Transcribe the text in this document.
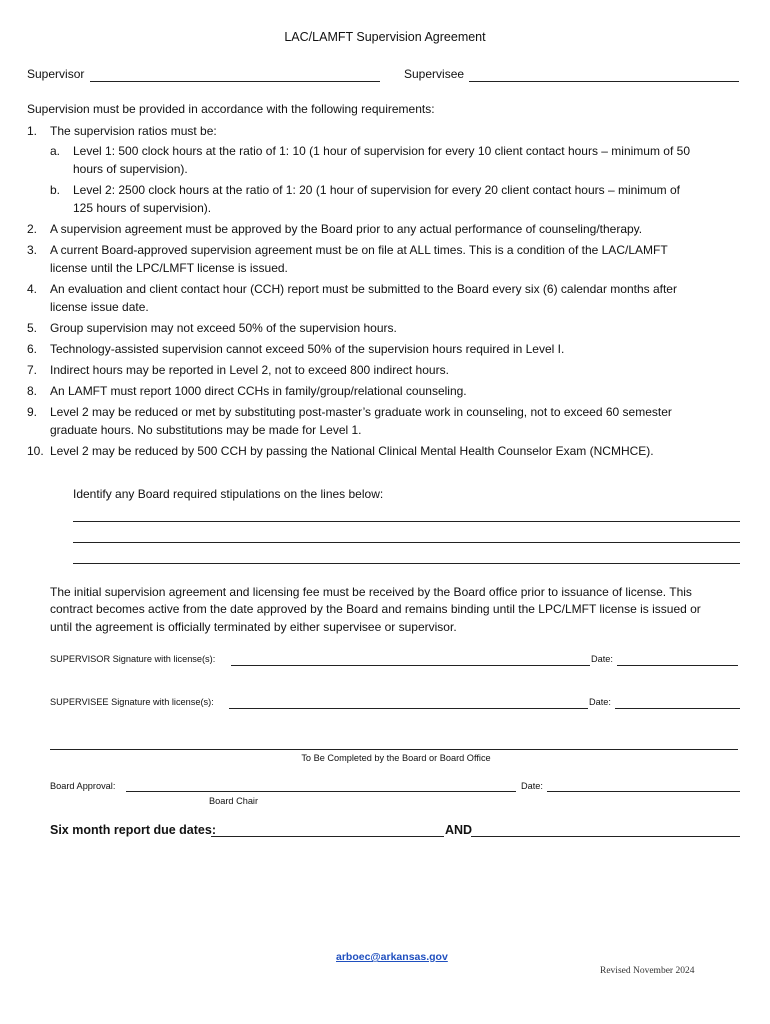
LAC/LAMFT Supervision Agreement
Supervisor	Supervisee
Supervision must be provided in accordance with the following requirements:
1. The supervision ratios must be:
a. Level 1: 500 clock hours at the ratio of 1: 10 (1 hour of supervision for every 10 client contact hours – minimum of 50
hours of supervision).
b. Level 2: 2500 clock hours at the ratio of 1: 20 (1 hour of supervision for every 20 client contact hours – minimum of
125 hours of supervision).
2. A supervision agreement must be approved by the Board prior to any actual performance of counseling/therapy.
3. A current Board-approved supervision agreement must be on file at ALL times. This is a condition of the LAC/LAMFT
license until the LPC/LMFT license is issued.
4. An evaluation and client contact hour (CCH) report must be submitted to the Board every six (6) calendar months after
license issue date.
5. Group supervision may not exceed 50% of the supervision hours.
6. Technology-assisted supervision cannot exceed 50% of the supervision hours required in Level I.
7. Indirect hours may be reported in Level 2, not to exceed 800 indirect hours.
8. An LAMFT must report 1000 direct CCHs in family/group/relational counseling.
9. Level 2 may be reduced or met by substituting post-master’s graduate work in counseling, not to exceed 60 semester
graduate hours. No substitutions may be made for Level 1.
10. Level 2 may be reduced by 500 CCH by passing the National Clinical Mental Health Counselor Exam (NCMHCE).
Identify any Board required stipulations on the lines below:
The initial supervision agreement and licensing fee must be received by the Board office prior to issuance of license. This
contract becomes active from the date approved by the Board and remains binding until the LPC/LMFT license is issued or
until the agreement is officially terminated by either supervisee or supervisor.
SUPERVISOR Signature with license(s):	Date:
SUPERVISEE Signature with license(s):	Date:
To Be Completed by the Board or Board Office
Board Approval:	Date:
Board Chair
Six month report due dates:	AND
arboec@arkansas.gov
Revised November 2024
